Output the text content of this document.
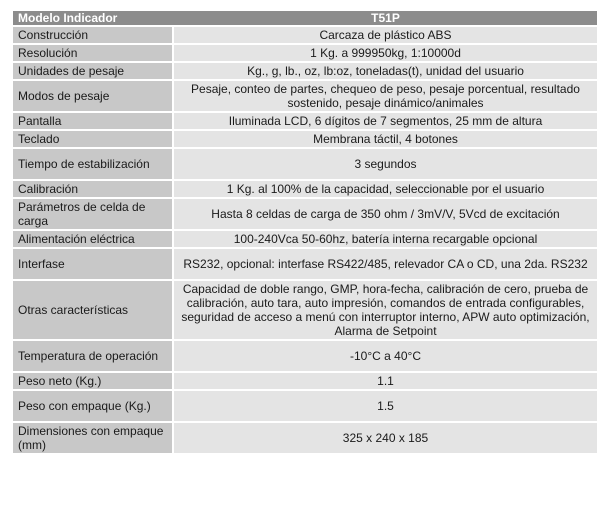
Modelo Indicador	T51P
Construcción	Carcaza de plástico ABS
Resolución	1 Kg. a 999950kg, 1:10000d
Unidades de pesaje	Kg., g, lb., oz, lb:oz, toneladas(t), unidad del usuario
Modos de pesaje	Pesaje, conteo de partes, chequeo de peso, pesaje porcentual, resultado sostenido, pesaje dinámico/animales
Pantalla	Iluminada LCD, 6 dígitos de 7 segmentos, 25 mm de altura
Teclado	Membrana táctil, 4 botones
Tiempo de estabilización	3 segundos
Calibración	1 Kg. al 100% de la capacidad, seleccionable por el usuario
Parámetros de celda de carga	Hasta 8 celdas de carga de 350 ohm / 3mV/V, 5Vcd de excitación
Alimentación eléctrica	100-240Vca 50-60hz, batería interna recargable opcional
Interfase	RS232, opcional: interfase RS422/485, relevador CA o CD, una 2da. RS232
Otras características	Capacidad de doble rango, GMP, hora-fecha, calibración de cero, prueba de calibración, auto tara, auto impresión, comandos de entrada configurables, seguridad de acceso a menú con interruptor interno, APW auto optimización, Alarma de Setpoint
Temperatura de operación	-10°C a 40°C
Peso neto (Kg.)	1.1
Peso con empaque (Kg.)	1.5
Dimensiones con empaque (mm)	325 x 240 x 185
